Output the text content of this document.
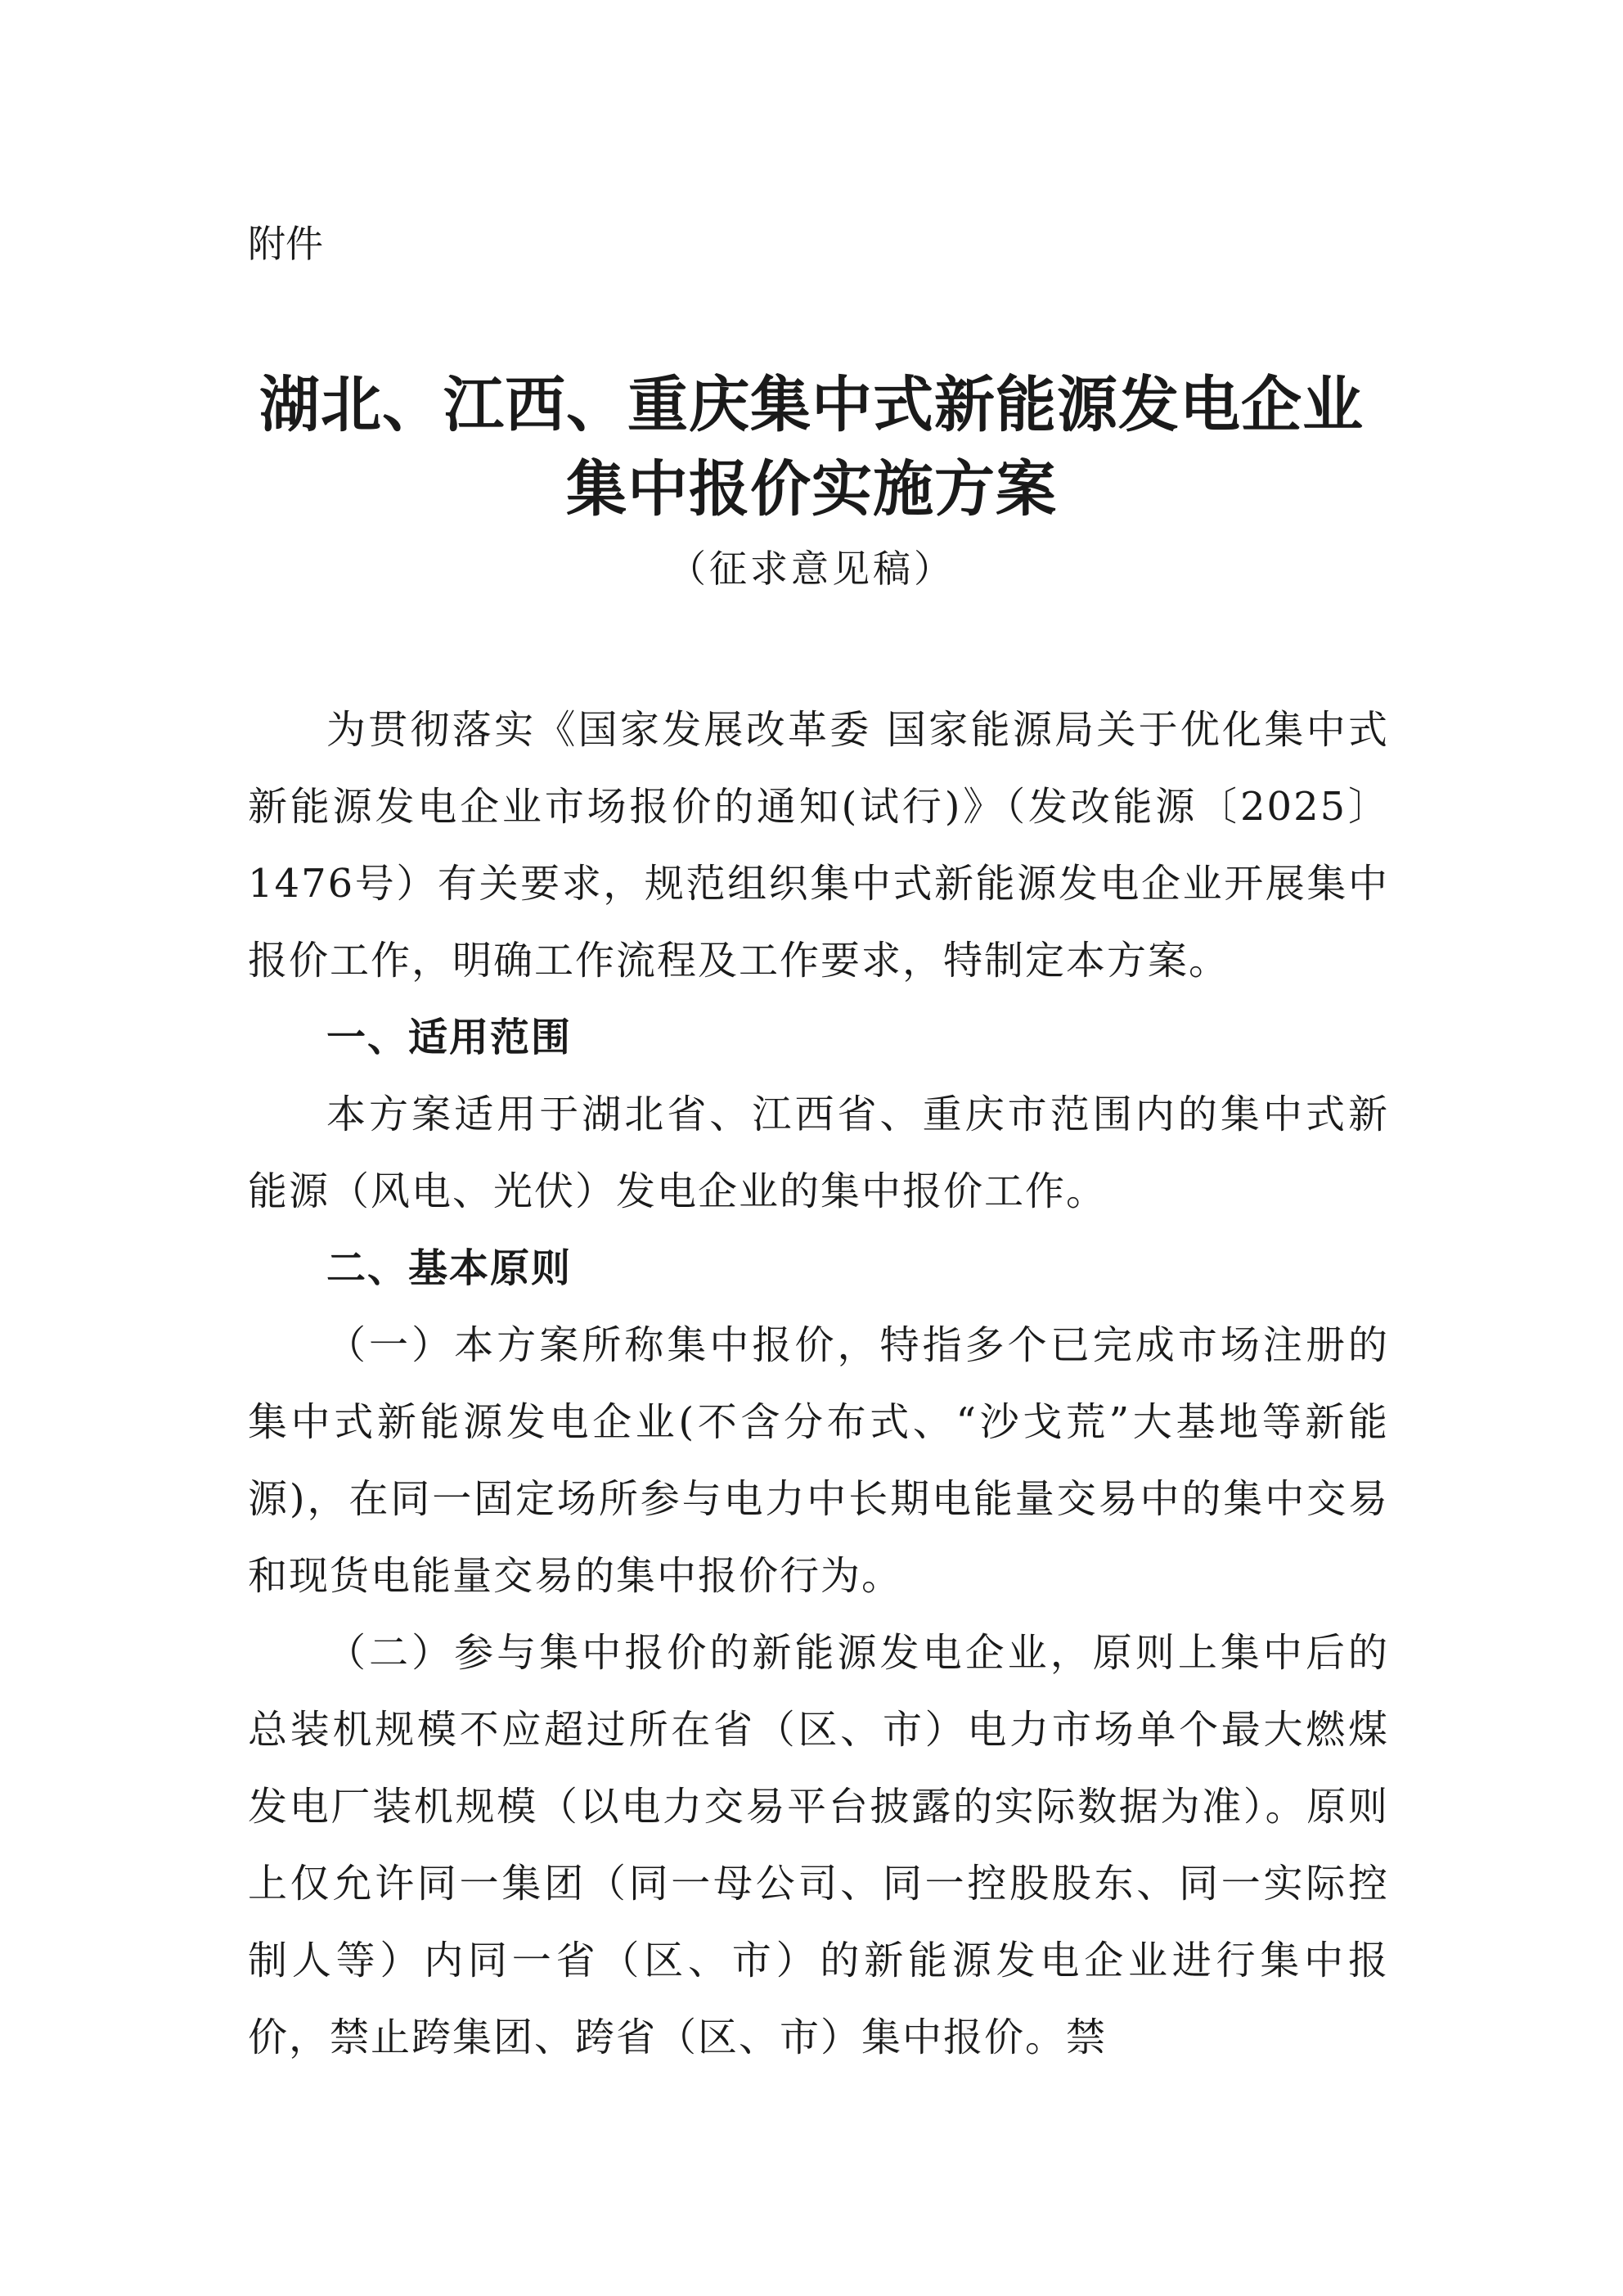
附件
湖北、江西、重庆集中式新能源发电企业
集中报价实施方案
（征求意见稿）

为贯彻落实《国家发展改革委 国家能源局关于优化集中式新能源发电企业市场报价的通知(试行)》（发改能源〔2025〕1476号）有关要求，规范组织集中式新能源发电企业开展集中报价工作，明确工作流程及工作要求，特制定本方案。

一、适用范围

本方案适用于湖北省、江西省、重庆市范围内的集中式新能源（风电、光伏）发电企业的集中报价工作。

二、基本原则

（一）本方案所称集中报价，特指多个已完成市场注册的集中式新能源发电企业(不含分布式、“沙戈荒”大基地等新能源)，在同一固定场所参与电力中长期电能量交易中的集中交易和现货电能量交易的集中报价行为。

（二）参与集中报价的新能源发电企业，原则上集中后的总装机规模不应超过所在省（区、市）电力市场单个最大燃煤发电厂装机规模（以电力交易平台披露的实际数据为准）。原则上仅允许同一集团（同一母公司、同一控股股东、同一实际控制人等）内同一省（区、市）的新能源发电企业进行集中报价，禁止跨集团、跨省（区、市）集中报价。禁
